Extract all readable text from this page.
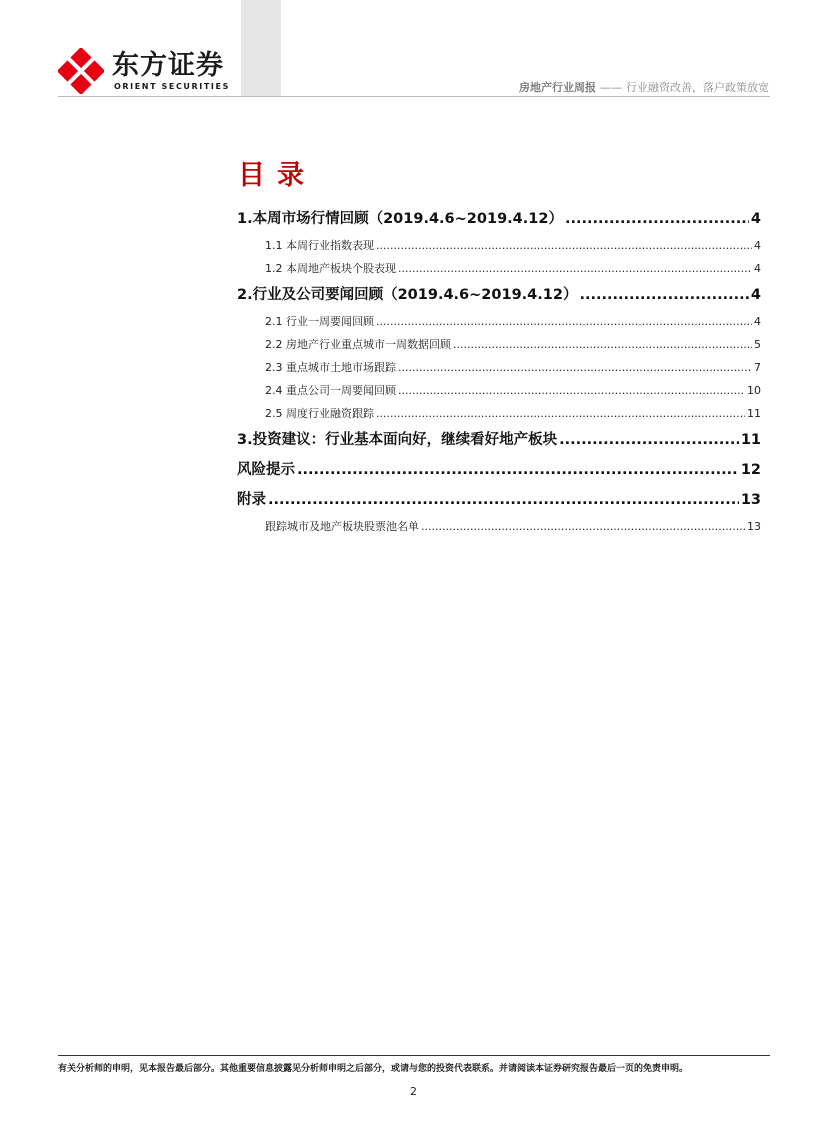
东方证券
ORIENT SECURITIES	房地产行业周报 —— 行业融资改善，落户政策放宽
目录
1.本周市场行情回顾（2019.4.6~2019.4.12） .....	4
1.1 本周行业指数表现 .....	4
1.2 本周地产板块个股表现 .....	4
2.行业及公司要闻回顾（2019.4.6~2019.4.12） .....	4
2.1 行业一周要闻回顾 .....	4
2.2 房地产行业重点城市一周数据回顾 .....	5
2.3 重点城市土地市场跟踪 .....	7
2.4 重点公司一周要闻回顾 .....	10
2.5 周度行业融资跟踪 .....	11
3.投资建议：行业基本面向好，继续看好地产板块 .....	11
风险提示 .....	12
附录 .....	13
跟踪城市及地产板块股票池名单 .....	13
有关分析师的申明，见本报告最后部分。其他重要信息披露见分析师申明之后部分，或请与您的投资代表联系。并请阅读本证券研究报告最后一页的免责申明。
2
